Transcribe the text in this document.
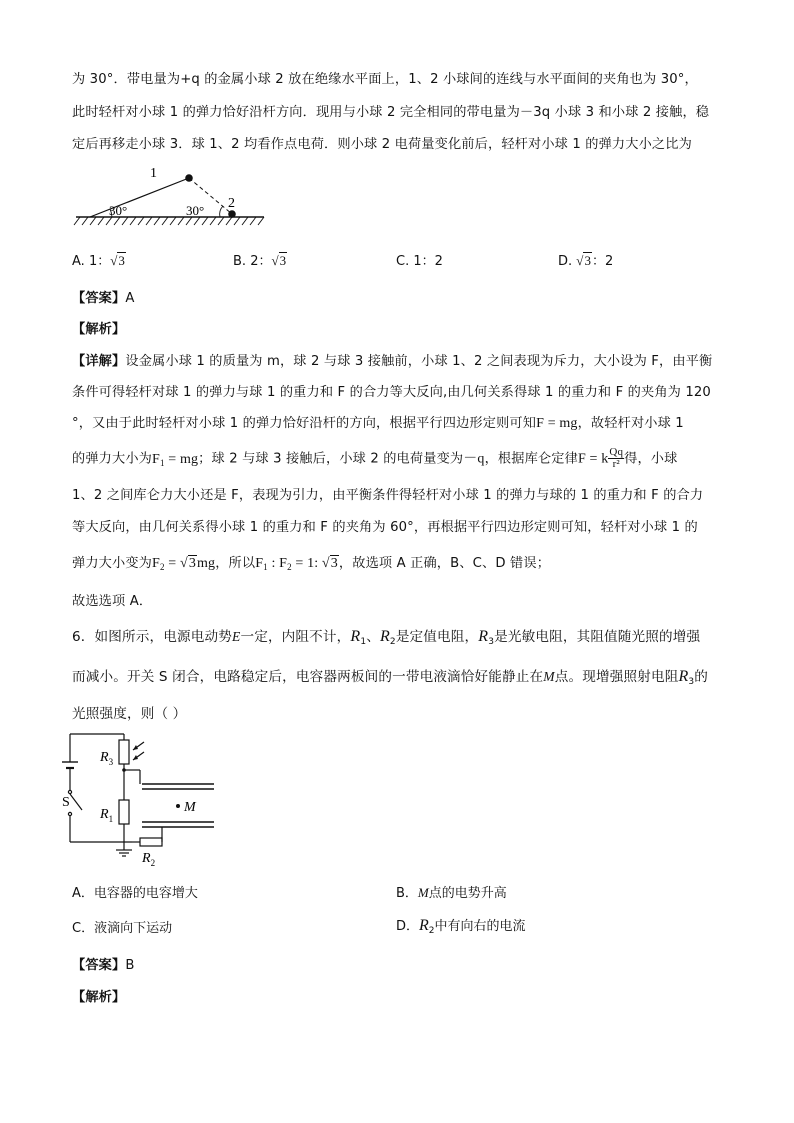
为 30°．带电量为+q 的金属小球 2 放在绝缘水平面上，1、2 小球间的连线与水平面间的夹角也为 30°，
此时轻杆对小球 1 的弹力恰好沿杆方向．现用与小球 2 完全相同的带电量为－3q 小球 3 和小球 2 接触，稳
定后再移走小球 3．球 1、2 均看作点电荷．则小球 2 电荷量变化前后，轻杆对小球 1 的弹力大小之比为
1
2
30°	30°
A. 1：√3	B. 2：√3	C. 1：2	D. √3：2
【答案】A
【解析】
【详解】设金属小球 1 的质量为 m，球 2 与球 3 接触前，小球 1、2 之间表现为斥力，大小设为 F，由平衡
条件可得轻杆对球 1 的弹力与球 1 的重力和 F 的合力等大反向,由几何关系得球 1 的重力和 F 的夹角为 120
°，又由于此时轻杆对小球 1 的弹力恰好沿杆的方向，根据平行四边形定则可知F = mg，故轻杆对小球 1
的弹力大小为$F_1$ = mg；球 2 与球 3 接触后，小球 2 的电荷量变为－q，根据库仑定律F = k $\frac{Qq}{\text{r²}}$ 得，小球
1、2 之间库仑力大小还是 F，表现为引力，由平衡条件得轻杆对小球 1 的弹力与球的 1 的重力和 F 的合力
等大反向，由几何关系得小球 1 的重力和 F 的夹角为 60°，再根据平行四边形定则可知，轻杆对小球 1 的
弹力大小变为$F_2 = √3mg$，所以$F_1$ : $F_2 = 1$: √3，故选项 A 正确，B、C、D 错误；
故选选项 A．
6．如图所示，电源电动势E一定，内阻不计，$R_1$、$R_2$是定值电阻，$R_3$是光敏电阻，其阻值随光照的增强
而减小。开关 S 闭合，电路稳定后，电容器两板间的一带电液滴恰好能静止在M点。现增强照射电阻$R_3$的
光照强度，则（ ）
$R_3$
$R_1$
$R_2$
S	M
A．电容器的电容增大	B．M点的电势升高
C．液滴向下运动	D．$R_2$中有向右的电流
【答案】B
【解析】
